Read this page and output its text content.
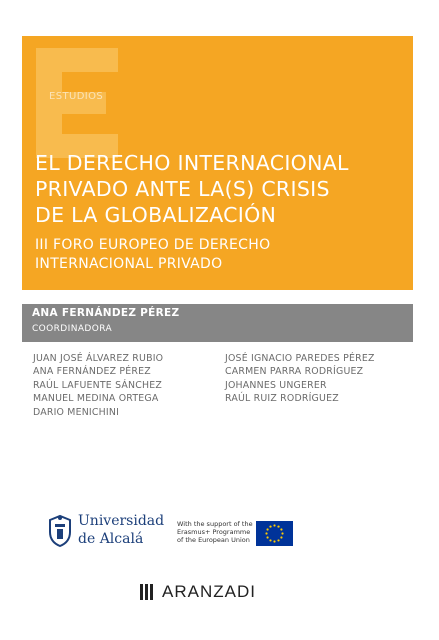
ESTUDIOS
EL DERECHO INTERNACIONAL
PRIVADO ANTE LA(S) CRISIS
DE LA GLOBALIZACIÓN
III FORO EUROPEO DE DERECHO
INTERNACIONAL PRIVADO
ANA FERNÁNDEZ PÉREZ
COORDINADORA
JUAN JOSÉ ÁLVAREZ RUBIO
ANA FERNÁNDEZ PÉREZ
RAÚL LAFUENTE SÁNCHEZ
MANUEL MEDINA ORTEGA
DARIO MENICHINI
JOSÉ IGNACIO PAREDES PÉREZ
CARMEN PARRA RODRÍGUEZ
JOHANNES UNGERER
RAÚL RUIZ RODRÍGUEZ
Universidad
de Alcalá
With the support of the
Erasmus+ Programme
of the European Union
ARANZADI
